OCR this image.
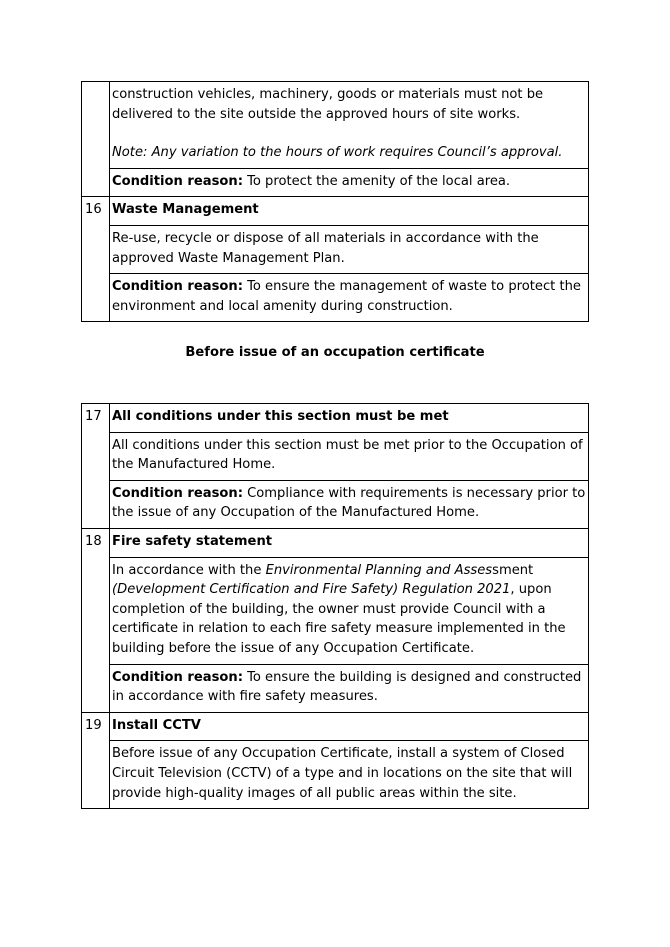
	construction vehicles, machinery, goods or materials must not be delivered to the site outside the approved hours of site works.
Note: Any variation to the hours of work requires Council’s approval.

	Condition reason: To protect the amenity of the local area.
16	Waste Management
	Re-use, recycle or dispose of all materials in accordance with the approved Waste Management Plan.
	Condition reason: To ensure the management of waste to protect the environment and local amenity during construction.
Before issue of an occupation certificate
17	All conditions under this section must be met
	All conditions under this section must be met prior to the Occupation of the Manufactured Home.
	Condition reason: Compliance with requirements is necessary prior to the issue of any Occupation of the Manufactured Home.
18	Fire safety statement
	In accordance with the Environmental Planning and Assessment (Development Certification and Fire Safety) Regulation 2021, upon completion of the building, the owner must provide Council with a certificate in relation to each fire safety measure implemented in the building before the issue of any Occupation Certificate.
	Condition reason: To ensure the building is designed and constructed in accordance with fire safety measures.
19	Install CCTV
	Before issue of any Occupation Certificate, install a system of Closed Circuit Television (CCTV) of a type and in locations on the site that will provide high-quality images of all public areas within the site.
